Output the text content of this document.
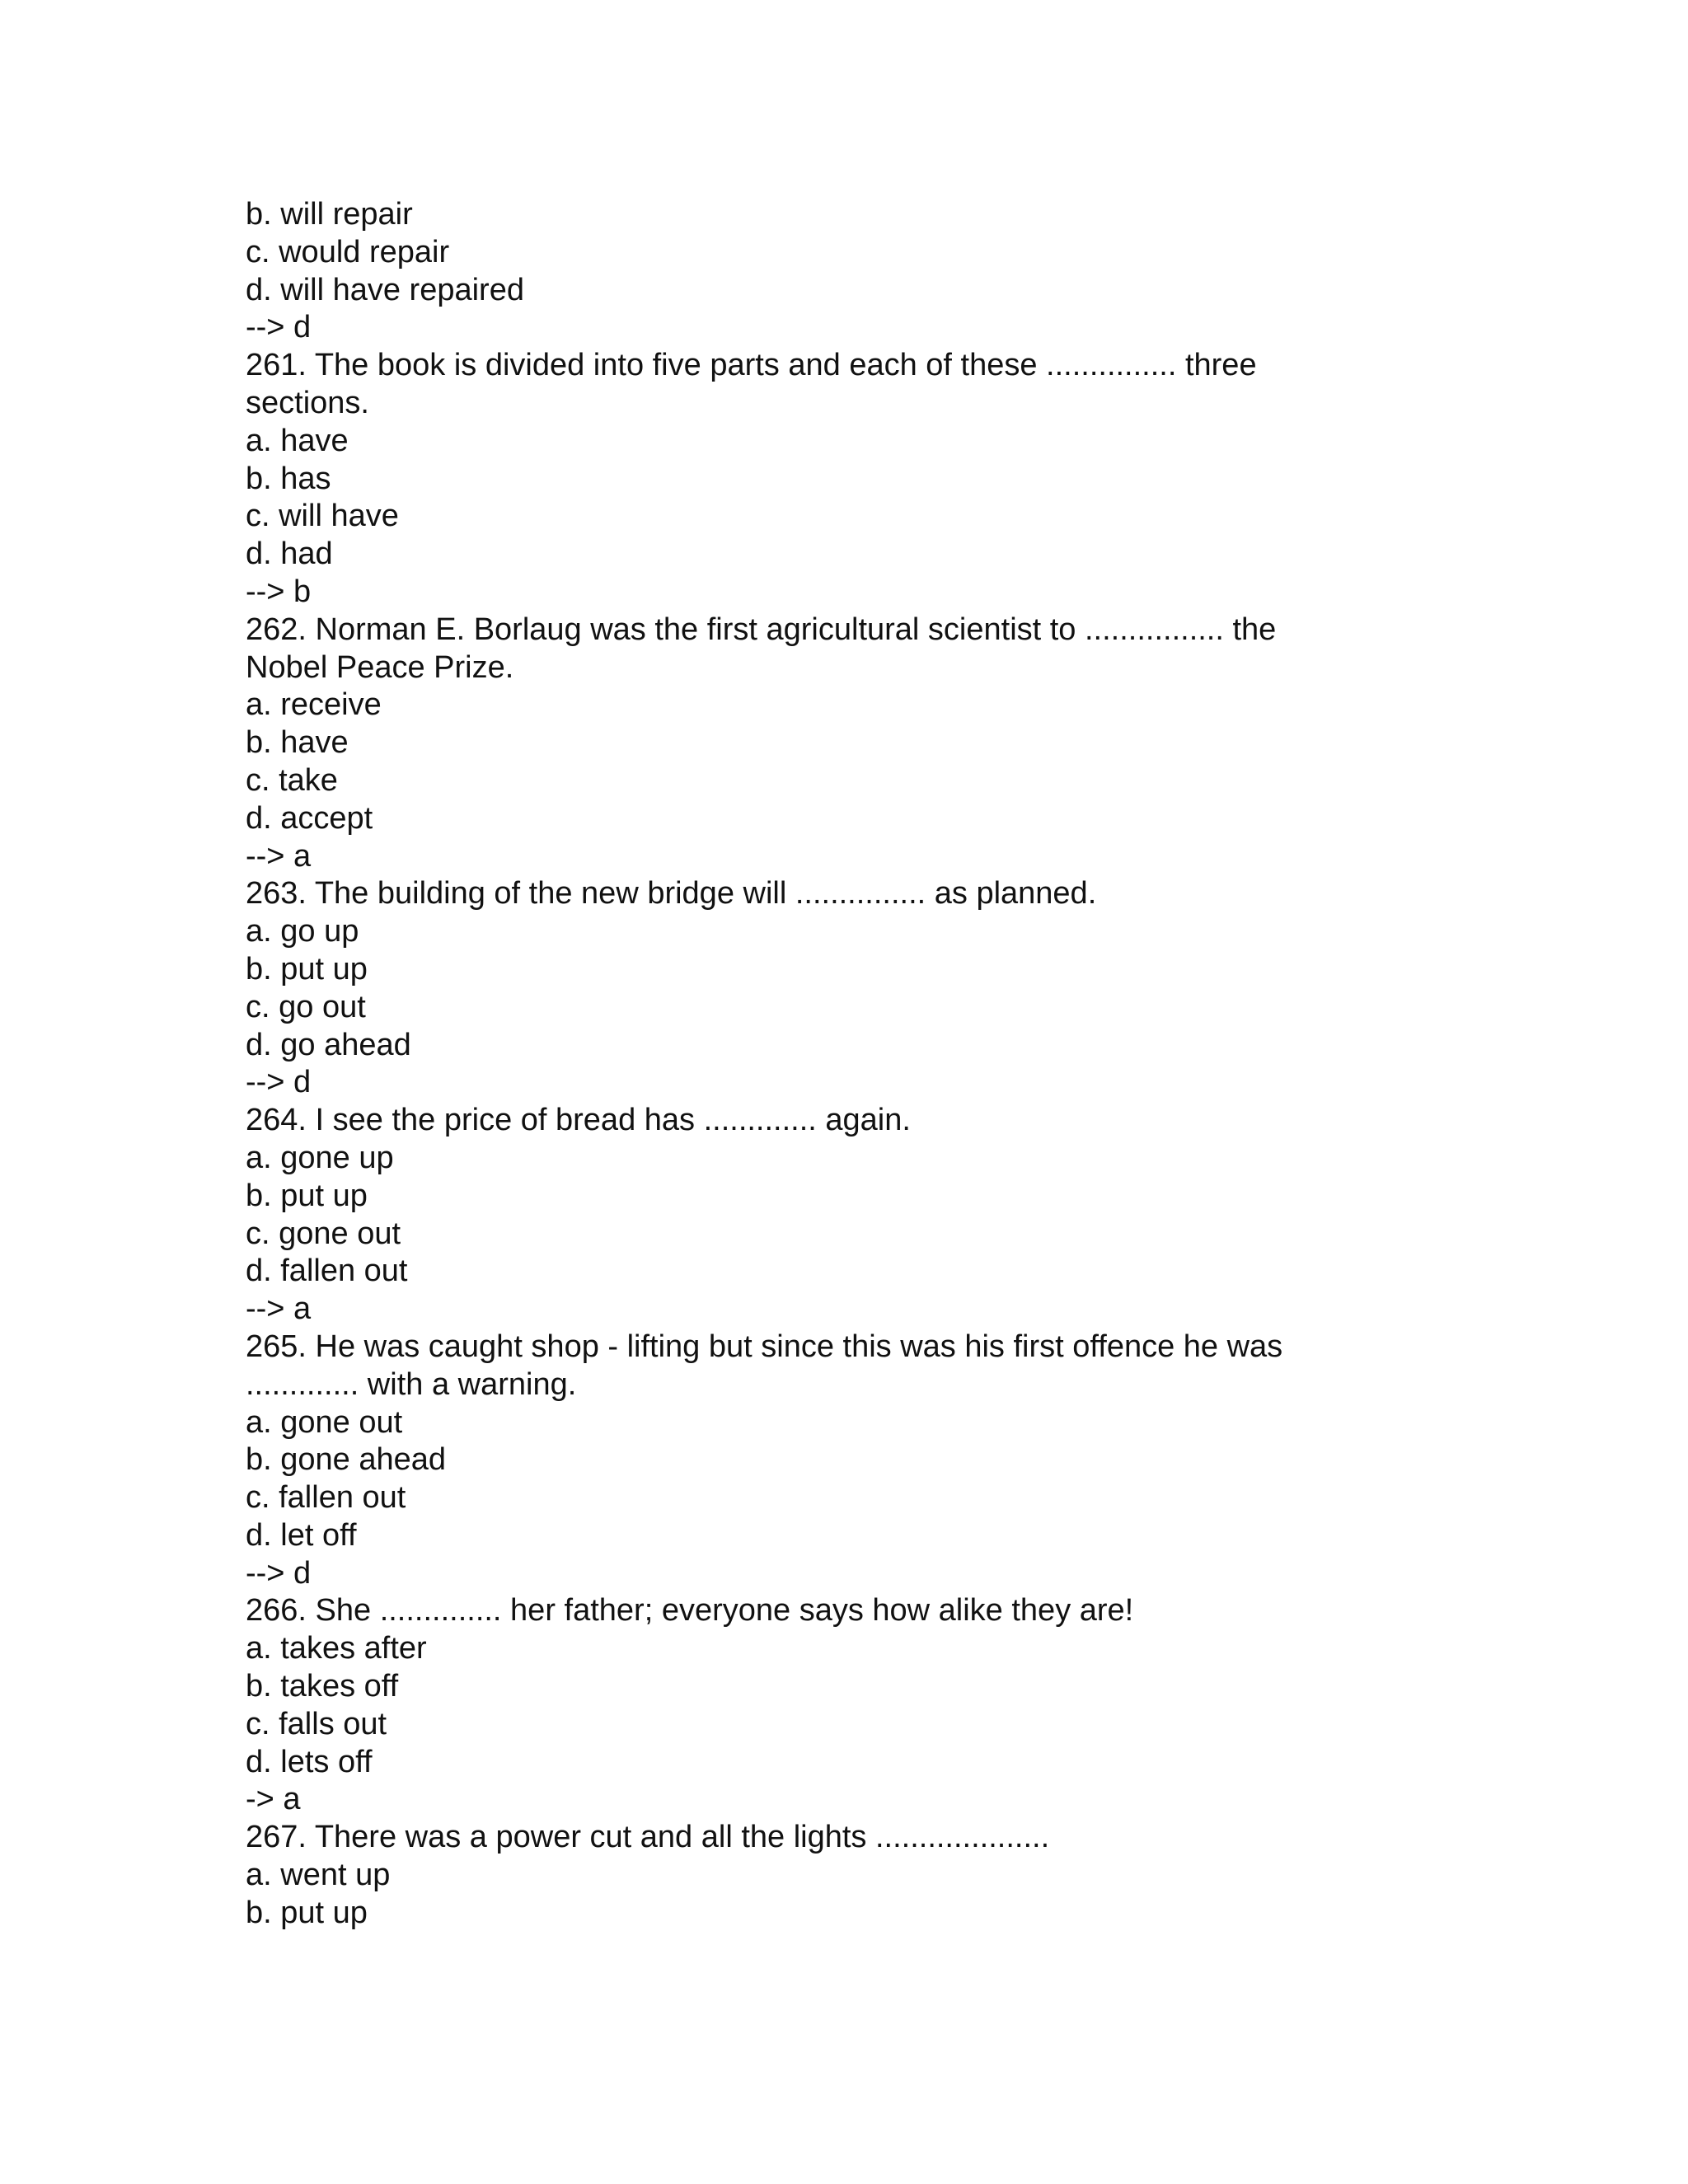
b. will repair
c. would repair
d. will have repaired
--> d
261. The book is divided into five parts and each of these ............... three
sections.
a. have
b. has
c. will have
d. had
--> b
262. Norman E. Borlaug was the first agricultural scientist to ................ the
Nobel Peace Prize.
a. receive
b. have
c. take
d. accept
--> a
263. The building of the new bridge will ............... as planned.
a. go up
b. put up
c. go out
d. go ahead
--> d
264. I see the price of bread has ............. again.
a. gone up
b. put up
c. gone out
d. fallen out
--> a
265. He was caught shop - lifting but since this was his first offence he was
............. with a warning.
a. gone out
b. gone ahead
c. fallen out
d. let off
--> d
266. She .............. her father; everyone says how alike they are!
a. takes after
b. takes off
c. falls out
d. lets off
-> a
267. There was a power cut and all the lights ....................
a. went up
b. put up
